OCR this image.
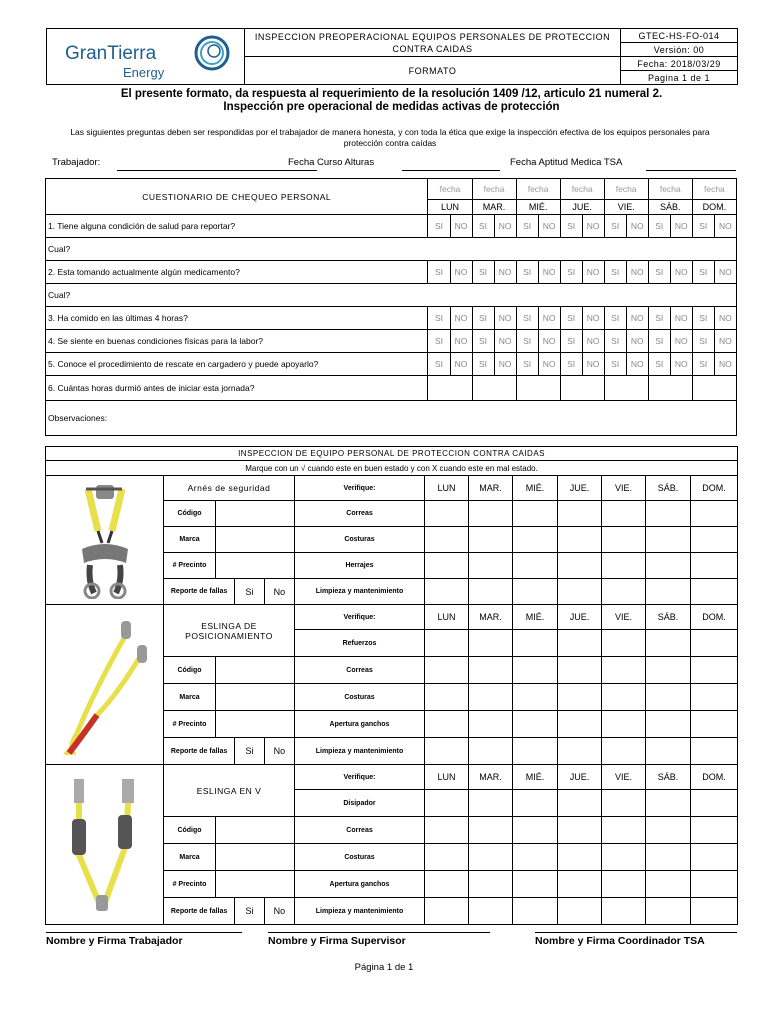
GranTierra
Energy	INSPECCION PREOPERACIONAL EQUIPOS PERSONALES DE PROTECCION CONTRA CAIDAS	GTEC-HS-FO-014
		Versión: 00
	FORMATO	Fecha: 2018/03/29
		Pagina 1 de 1
El presente formato, da respuesta al requerimiento de la resolución 1409 /12, articulo 21 numeral 2.
Inspección pre operacional de medidas activas de protección
Las siguientes preguntas deben ser respondidas por el trabajador de manera honesta, y con toda la ética que exige la inspección efectiva de los equipos personales para protección contra caídas
Trabajador:	Fecha Curso Alturas	Fecha Aptitud Medica TSA
CUESTIONARIO DE CHEQUEO PERSONAL	fecha		fecha		fecha		fecha		fecha		fecha		fecha	
	LUN		MAR.		MIÉ.		JUE.		VIE.		SÁB.		DOM.	
1. Tiene alguna condición de salud para reportar?	SI	NO	SI	NO	SI	NO	SI	NO	SI	NO	SI	NO	SI	NO
Cual?														
2. Esta tomando actualmente algún medicamento?	SI	NO	SI	NO	SI	NO	SI	NO	SI	NO	SI	NO	SI	NO
Cual?														
3. Ha comido en las últimas 4 horas?	SI	NO	SI	NO	SI	NO	SI	NO	SI	NO	SI	NO	SI	NO
4. Se siente en buenas condiciones físicas para la labor?	SI	NO	SI	NO	SI	NO	SI	NO	SI	NO	SI	NO	SI	NO
5. Conoce el procedimiento de rescate en cargadero y puede apoyarlo?	SI	NO	SI	NO	SI	NO	SI	NO	SI	NO	SI	NO	SI	NO
6. Cuántas horas durmió antes de iniciar esta jornada?														
Observaciones:														
INSPECCION DE EQUIPO PERSONAL DE PROTECCION CONTRA CAIDAS
Marque con un √ cuando este en buen estado y con X cuando este en mal estado.

	Arnés de seguridad	Verifique:	LUN	MAR.	MIÉ.	JUE.	VIE.	SÁB.	DOM.
Código		Correas							
Marca		Costuras							
# Precinto		Herrajes							

Reporte de fallas	Si	No
		Limpieza y mantenimiento							

	ESLINGA DE POSICIONAMIENTO	Verifique:	LUN	MAR.	MIÉ.	JUE.	VIE.	SÁB.	DOM.
Refuerzos							
Código		Correas							
Marca		Costuras							
# Precinto		Apertura ganchos							

Reporte de fallas	Si	No
		Limpieza y mantenimiento							

	ESLINGA EN V	Verifique:	LUN	MAR.	MIÉ.	JUE.	VIE.	SÁB.	DOM.
Disipador							
Código		Correas							
Marca		Costuras							
# Precinto		Apertura ganchos							

Reporte de fallas	Si	No
		Limpieza y mantenimiento							
Nombre y Firma Trabajador	Nombre y Firma Supervisor	Nombre y Firma Coordinador TSA
Página 1 de 1
